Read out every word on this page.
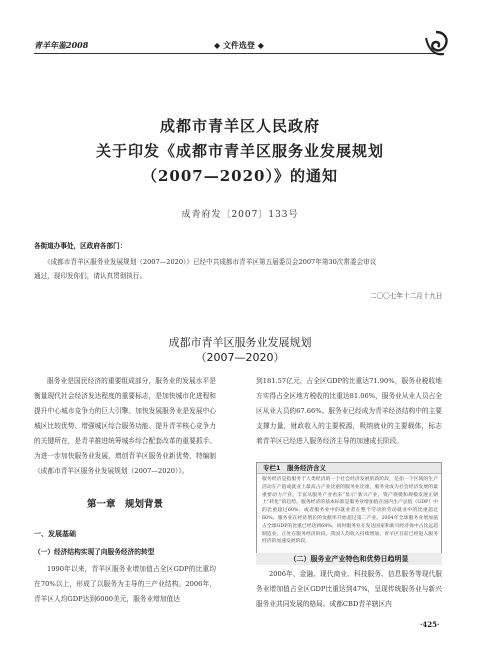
青羊年鉴2008	◆ 文件选登 ◆
成都市青羊区人民政府
关于印发《成都市青羊区服务业发展规划
（2007—2020）》的通知
成青府发〔2007〕133号
各街道办事处，区政府各部门：
《成都市青羊区服务业发展规划（2007—2020）》已经中共成都市青羊区第五届委员会2007年第30次常委会审议
通过，现印发你们，请认真贯彻执行。
二〇〇七年十二月十九日
成都市青羊区服务业发展规划
（2007—2020）

服务业是国民经济的重要组成部分，服务业的发展水平是衡量现代社会经济发达程度的重要标志，是加快城市化进程和提升中心城市竞争力的巨大引擎。加快发展服务业是发展中心城区比较优势、增强城区综合服务功能、提升青羊核心竞争力的关键所在，是青羊推进统筹城乡综合配套改革的重要抓手。为进一步加快服务业发展，增创青羊区服务业新优势，特编制《成都市青羊区服务业发展规划（2007—2020）》。

第一章　规划背景
一、发展基础
（一）经济结构实现了向服务经济的转型

1990年以来，青羊区服务业增加值占全区GDP的比重均在70%以上，形成了以服务为主导的三产业结构。2006年，青羊区人均GDP达到6000美元，服务业增加值达

到181.57亿元，占全区GDP的比重达71.90%，服务业税收地方实得占全区地方税收的比重达81.06%，服务业从业人员占全区从业人员的67.66%。服务业已经成为青羊经济结构中的主要支撑力量，财政收入的主要税源，吸纳就业的主要载体，标志着青羊区已经进入服务经济主导的加速成长阶段。

专栏1　服务经济含义
服务经济是指服务于人类经济的一个社会经济发展的新阶段，是指一个区域的生产活动在产值或就业上最高占产业比重的服务业比重，服务业成为社会经济发展的最重要动力产业。丰富从服务产业看来“显示”新兴产业，资产规模和规模发展正朝上“转化”的趋势。服务经济的基本标准是服务业增加值在国内生产总值（GDP）中的比重超过60%、或者服务业中的就业者在整个劳动的劳动就业中的比重超过60%。服务业在经济增长的贡献率开始超过第二产业。2004年全球服务业增加值占全球GDP的比重已经达到68%，同时服务业在发达国家和新兴经济体中占比远超制造业，正处在服务经济阶段。我国人均收入持续增加，青羊区目前已经进入服务经济的加速发展阶段。
（二）服务业产业特色和优势日趋明显

2006年，金融、现代商业、科技服务、信息服务等现代服务业增加值占全区GDP比重达到47%，呈现传统服务业与新兴服务业共同发展的格局。成都CBD青羊辖区内

·425·
